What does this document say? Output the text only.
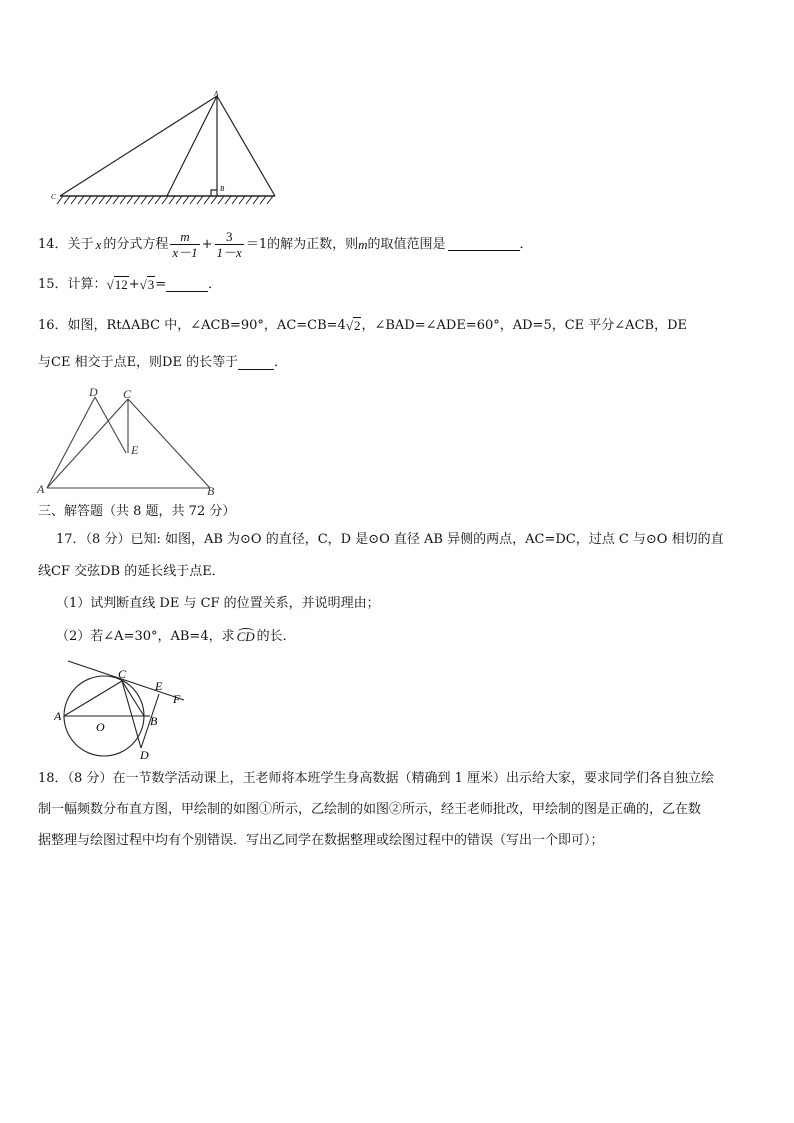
A
B
C
14． 关于 x 的分式方程 $\frac{m}{x-1} + \frac{3}{1-x} =1$ 的解为正数，则 m 的取值范围是	．
15． 计算： √12 + √3 =	．
16． 如图，RtΔABC 中，∠ACB=90°，AC=CB=4 √2 ，∠BAD=∠ADE=60°，AD=5，CE 平分∠ACB，DE
与CE 相交于点E，则DE 的长等于	．
D C
E
A	B
三、解答题（共 8 题，共 72 分）
17．（8 分）已知: 如图，AB 为⊙O 的直径，C，D 是⊙O 直径 AB 异侧的两点，AC=DC，过点 C 与⊙O 相切的直
线CF 交弦DB 的延长线于点E．
（1）试判断直线 DE 与 CF 的位置关系，并说明理由；
（2）若∠A=30°，AB=4，求 CD 的长．
C
E
F
A
O	B
D
18．（8 分）在一节数学活动课上，王老师将本班学生身高数据（精确到 1 厘米）出示给大家，要求同学们各自独立绘
制一幅频数分布直方图，甲绘制的如图①所示，乙绘制的如图②所示，经王老师批改，甲绘制的图是正确的，乙在数
据整理与绘图过程中均有个别错误．写出乙同学在数据整理或绘图过程中的错误（写出一个即可）；
